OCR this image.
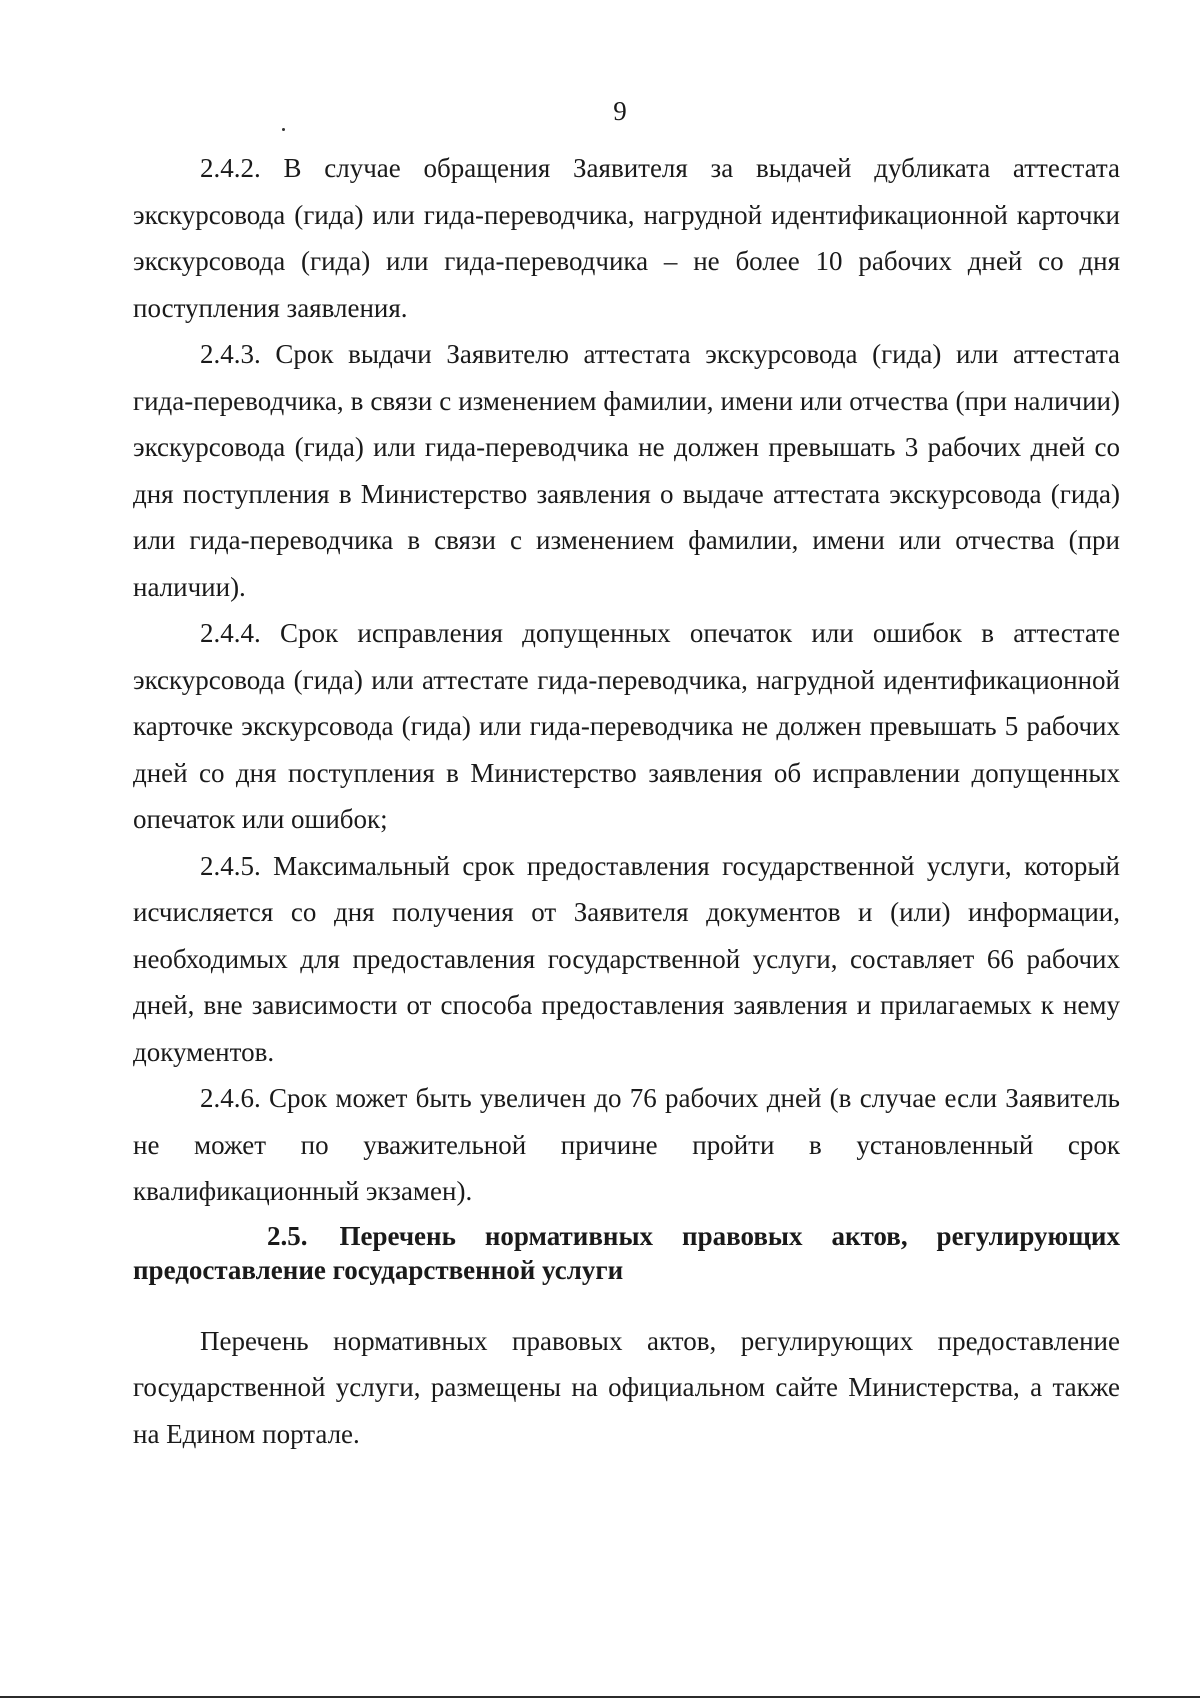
9

2.4.2. В случае обращения Заявителя за выдачей дубликата аттестата экскурсовода (гида) или гида-переводчика, нагрудной идентификационной карточки экскурсовода (гида) или гида-переводчика – не более 10 рабочих дней со дня поступления заявления.

2.4.3. Срок выдачи Заявителю аттестата экскурсовода (гида) или аттестата гида-переводчика, в связи с изменением фамилии, имени или отчества (при наличии) экскурсовода (гида) или гида-переводчика не должен превышать 3 рабочих дней со дня поступления в Министерство заявления о выдаче аттестата экскурсовода (гида) или гида-переводчика в связи с изменением фамилии, имени или отчества (при наличии).

2.4.4. Срок исправления допущенных опечаток или ошибок в аттестате экскурсовода (гида) или аттестате гида-переводчика, нагрудной идентификационной карточке экскурсовода (гида) или гида-переводчика не должен превышать 5 рабочих дней со дня поступления в Министерство заявления об исправлении допущенных опечаток или ошибок;

2.4.5. Максимальный срок предоставления государственной услуги, который исчисляется со дня получения от Заявителя документов и (или) информации, необходимых для предоставления государственной услуги, составляет 66 рабочих дней, вне зависимости от способа предоставления заявления и прилагаемых к нему документов.

2.4.6. Срок может быть увеличен до 76 рабочих дней (в случае если Заявитель не может по уважительной причине пройти в установленный срок квалификационный экзамен).

2.5. Перечень нормативных правовых актов, регулирующих предоставление государственной услуги

Перечень нормативных правовых актов, регулирующих предоставление государственной услуги, размещены на официальном сайте Министерства, а также на Едином портале.
